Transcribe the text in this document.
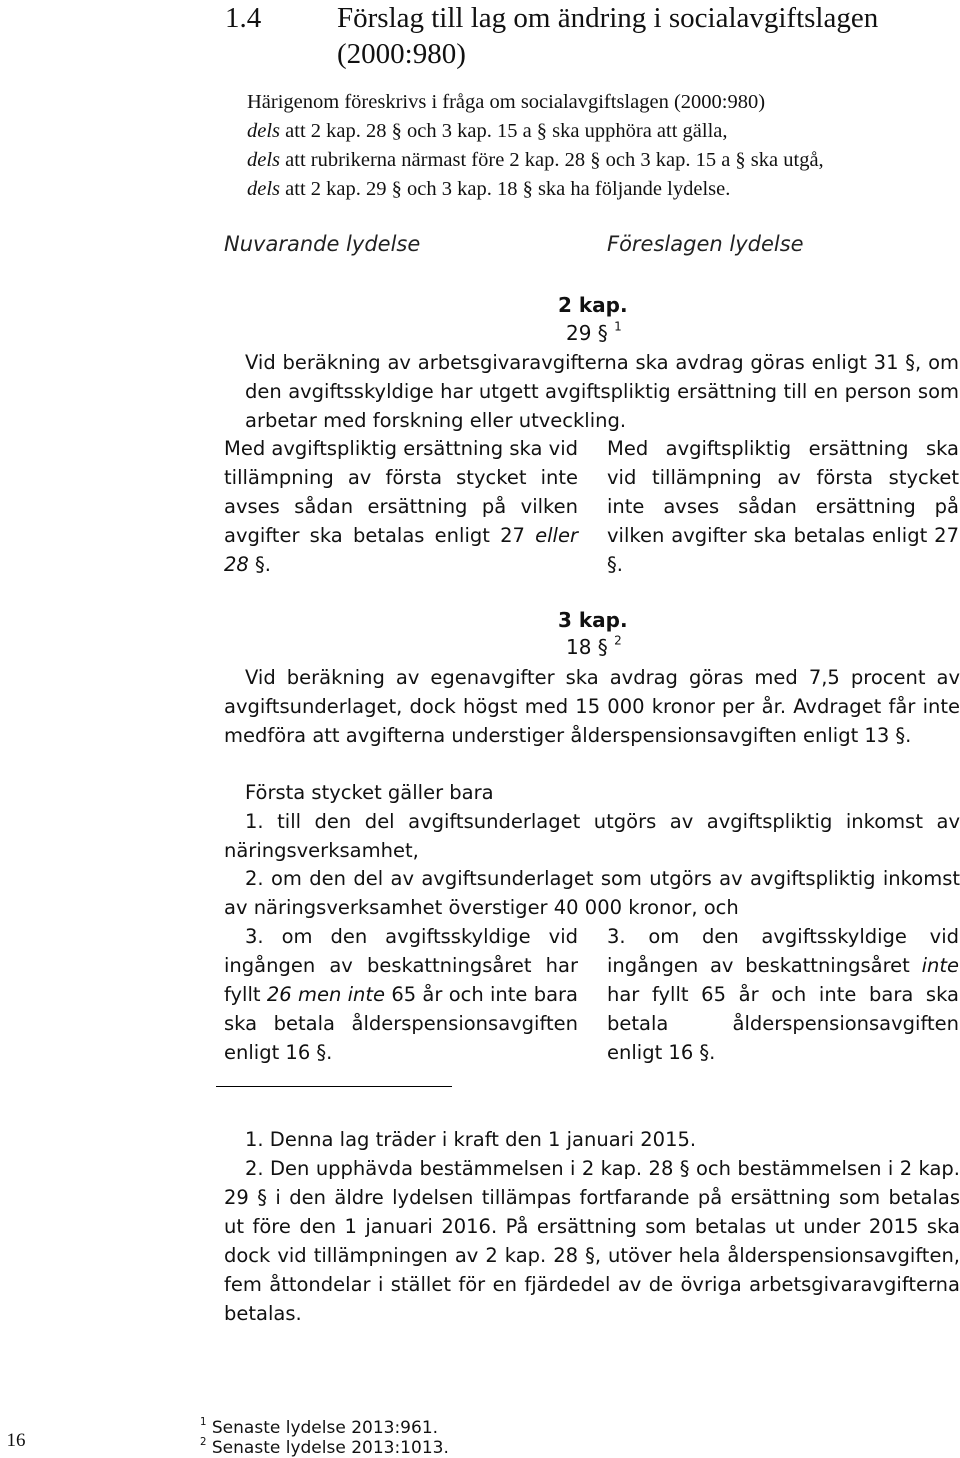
1.4	Förslag till lag om ändring i socialavgiftslagen (2000:980)
Härigenom föreskrivs i fråga om socialavgiftslagen (2000:980)
dels att 2 kap. 28 § och 3 kap. 15 a § ska upphöra att gälla,
dels att rubrikerna närmast före 2 kap. 28 § och 3 kap. 15 a § ska utgå,
dels att 2 kap. 29 § och 3 kap. 18 § ska ha följande lydelse.
Nuvarande lydelse	Föreslagen lydelse
2 kap.
29 § $^1$
Vid beräkning av arbetsgivaravgifterna ska avdrag göras enligt 31 §, om den avgiftsskyldige har utgett avgiftspliktig ersättning till en person som arbetar med forskning eller utveckling.
Med avgiftspliktig ersättning ska vid tillämpning av första stycket inte avses sådan ersättning på vilken avgifter ska betalas enligt 27 eller 28 §.
Med avgiftspliktig ersättning ska vid tillämpning av första stycket inte avses sådan ersättning på vilken avgifter ska betalas enligt 27 §.
3 kap.
18 § $^2$
Vid beräkning av egenavgifter ska avdrag göras med 7,5 procent av avgiftsunderlaget, dock högst med 15 000 kronor per år. Avdraget får inte medföra att avgifterna understiger ålderspensionsavgiften enligt 13 §.
Första stycket gäller bara
1. till den del avgiftsunderlaget utgörs av avgiftspliktig inkomst av näringsverksamhet,
2. om den del av avgiftsunderlaget som utgörs av avgiftspliktig inkomst av näringsverksamhet överstiger 40 000 kronor, och
3. om den avgiftsskyldige vid ingången av beskattningsåret har fyllt 26 men inte 65 år och inte bara ska betala ålderspensionsavgiften enligt 16 §.
3. om den avgiftsskyldige vid ingången av beskattningsåret inte har fyllt 65 år och inte bara ska betala ålderspensionsavgiften enligt 16 §.
1. Denna lag träder i kraft den 1 januari 2015.
2. Den upphävda bestämmelsen i 2 kap. 28 § och bestämmelsen i 2 kap. 29 § i den äldre lydelsen tillämpas fortfarande på ersättning som betalas ut före den 1 januari 2016. På ersättning som betalas ut under 2015 ska dock vid tillämpningen av 2 kap. 28 §, utöver hela ålderspensionsavgiften, fem åttondelar i stället för en fjärdedel av de övriga arbetsgivaravgifterna betalas.
$^1$ Senaste lydelse 2013:961.
$^2$ Senaste lydelse 2013:1013.
16
